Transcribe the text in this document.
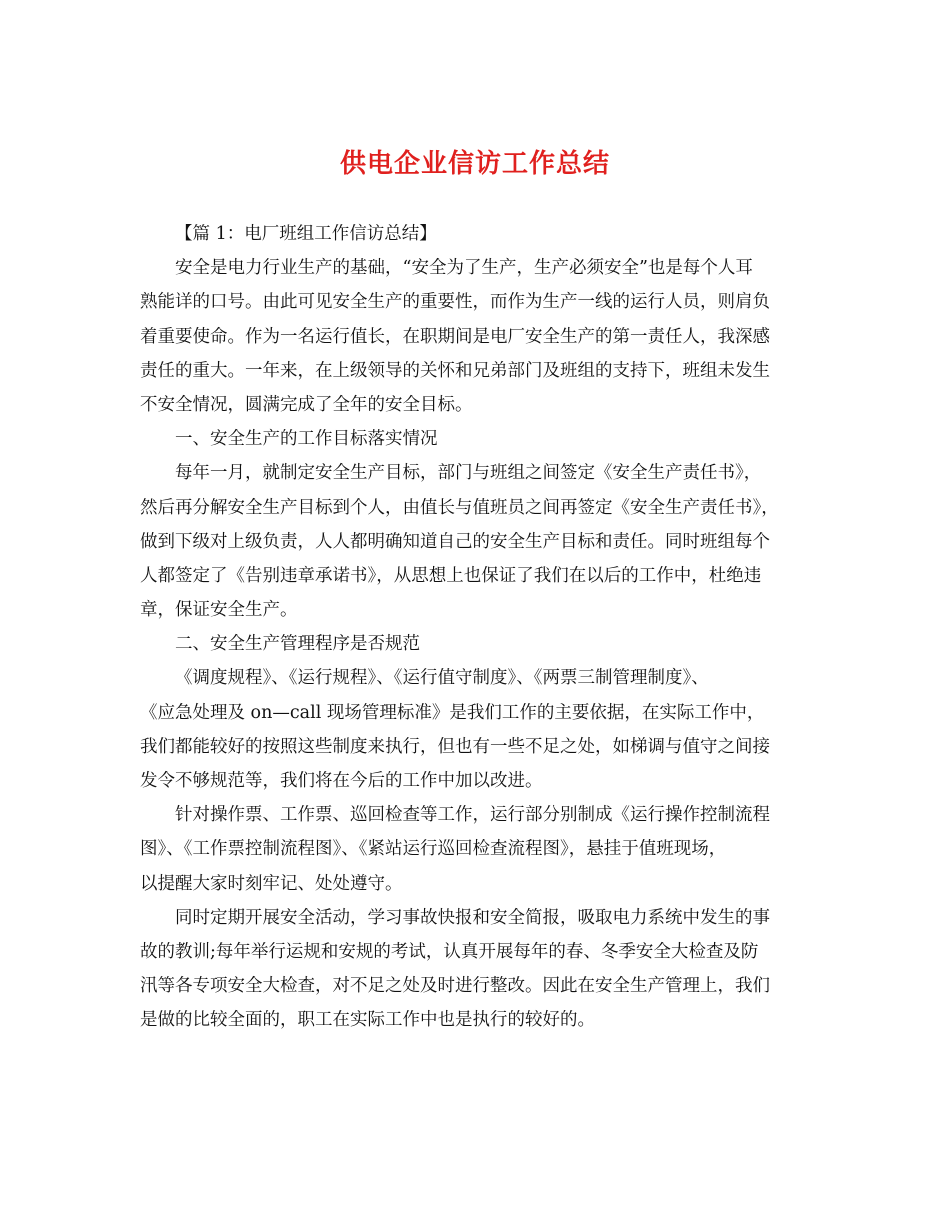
供电企业信访工作总结
【篇 1：电厂班组工作信访总结】
安全是电力行业生产的基础，“安全为了生产，生产必须安全”也是每个人耳
熟能详的口号。由此可见安全生产的重要性，而作为生产一线的运行人员，则肩负
着重要使命。作为一名运行值长，在职期间是电厂安全生产的第一责任人，我深感
责任的重大。一年来，在上级领导的关怀和兄弟部门及班组的支持下，班组未发生
不安全情况，圆满完成了全年的安全目标。
一、安全生产的工作目标落实情况
每年一月，就制定安全生产目标，部门与班组之间签定《安全生产责任书》，
然后再分解安全生产目标到个人，由值长与值班员之间再签定《安全生产责任书》，
做到下级对上级负责，人人都明确知道自己的安全生产目标和责任。同时班组每个
人都签定了《告别违章承诺书》，从思想上也保证了我们在以后的工作中，杜绝违
章，保证安全生产。
二、安全生产管理程序是否规范
《调度规程》、《运行规程》、《运行值守制度》、《两票三制管理制度》、
《应急处理及 on—call 现场管理标准》是我们工作的主要依据，在实际工作中，
我们都能较好的按照这些制度来执行，但也有一些不足之处，如梯调与值守之间接
发令不够规范等，我们将在今后的工作中加以改进。
针对操作票、工作票、巡回检查等工作，运行部分别制成《运行操作控制流程
图》、《工作票控制流程图》、《紧站运行巡回检查流程图》，悬挂于值班现场，
以提醒大家时刻牢记、处处遵守。
同时定期开展安全活动，学习事故快报和安全简报，吸取电力系统中发生的事
故的教训;每年举行运规和安规的考试，认真开展每年的春、冬季安全大检查及防
汛等各专项安全大检查，对不足之处及时进行整改。因此在安全生产管理上，我们
是做的比较全面的，职工在实际工作中也是执行的较好的。
